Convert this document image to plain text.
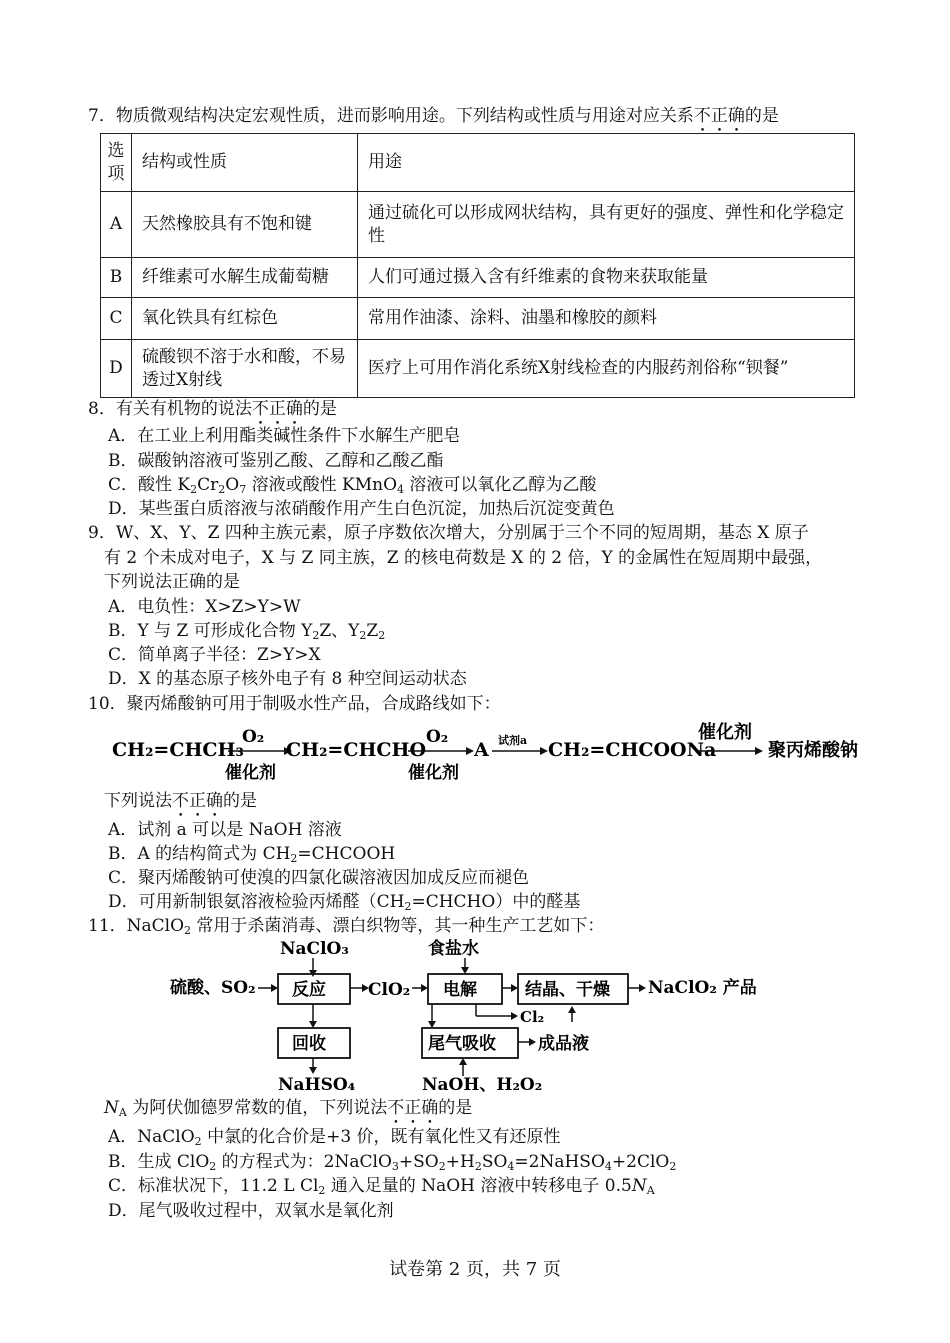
7．物质微观结构决定宏观性质，进而影响用途。下列结构或性质与用途对应关系不正确的是
选项	结构或性质	用途
A	天然橡胶具有不饱和键	通过硫化可以形成网状结构，具有更好的强度、弹性和化学稳定性
B	纤维素可水解生成葡萄糖	人们可通过摄入含有纤维素的食物来获取能量
C	氧化铁具有红棕色	常用作油漆、涂料、油墨和橡胶的颜料
D	硫酸钡不溶于水和酸，不易透过X射线	医疗上可用作消化系统X射线检查的内服药剂俗称“钡餐”
8．有关有机物的说法不正确的是
A．在工业上利用酯类碱性条件下水解生产肥皂
B．碳酸钠溶液可鉴别乙酸、乙醇和乙酸乙酯
C．酸性 $K_2Cr_2O_7$ 溶液或酸性 KMnO$_4$ 溶液可以氧化乙醇为乙酸
D．某些蛋白质溶液与浓硝酸作用产生白色沉淀，加热后沉淀变黄色
9．W、X、Y、Z 四种主族元素，原子序数依次增大，分别属于三个不同的短周期，基态 X 原子
有 2 个未成对电子，X 与 Z 同主族，Z 的核电荷数是 X 的 2 倍，Y 的金属性在短周期中最强，
下列说法正确的是
A．电负性：X>Z>Y>W
B．Y 与 Z 可形成化合物 $Y_2Z$、$Y_2Z_2$
C．简单离子半径：Z>Y>X
D．X 的基态原子核外电子有 8 种空间运动状态
10．聚丙烯酸钠可用于制吸水性产品，合成路线如下：
CH₂=CHCH₃
O₂
催化剂
CH₂=CHCHO
O₂
催化剂
A 试剂a CH₂=CHCOONa
催化剂
聚丙烯酸钠
下列说法不正确的是
A．试剂 a 可以是 NaOH 溶液
B．A 的结构简式为 $CH_2=CHCOOH$
C．聚丙烯酸钠可使溴的四氯化碳溶液因加成反应而褪色
D．可用新制银氨溶液检验丙烯醛$(CH_2=CHCHO)$中的醛基
11．NaClO$_2$ 常用于杀菌消毒、漂白织物等，其一种生产工艺如下：
NaClO₃
硫酸、SO₂ 反应 ClO₂
食盐水
电解	结晶、干燥 NaClO₂ 产品
Cl₂
回收
NaHSO₄
尾气吸收 成品液
NaOH、H₂O₂
$N_A$ 为阿伏伽德罗常数的值，下列说法不正确的是
A．NaClO$_2$ 中氯的化合价是+3 价，既有氧化性又有还原性
B．生成 ClO$_2$ 的方程式为：$2NaClO_3+SO_2+H_2SO_4=2NaHSO_4+2ClO_2$
C．标准状况下，11.2 L $Cl_2$ 通入足量的 NaOH 溶液中转移电子 $0.5N_A$
D．尾气吸收过程中，双氧水是氧化剂
试卷第 2 页，共 7 页
